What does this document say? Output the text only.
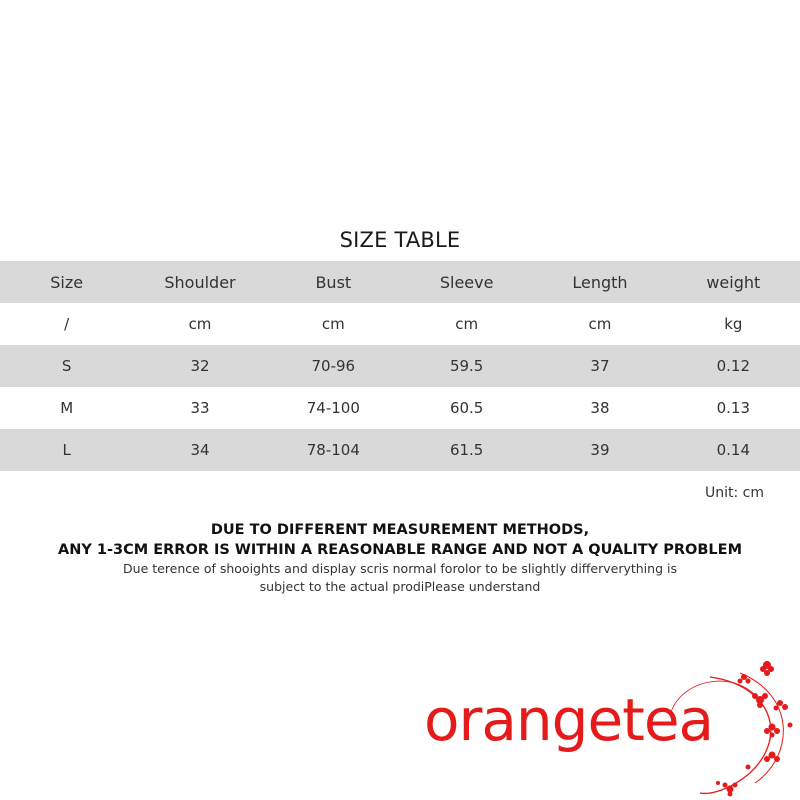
SIZE TABLE
Size	Shoulder	Bust	Sleeve	Length	weight
/	cm	cm	cm	cm	kg
S	32	70-96	59.5	37	0.12
M	33	74-100	60.5	38	0.13
L	34	78-104	61.5	39	0.14
Unit: cm
DUE TO DIFFERENT MEASUREMENT METHODS,
ANY 1-3CM ERROR IS WITHIN A REASONABLE RANGE AND NOT A QUALITY PROBLEM
Due terence of shooights and display scris normal forolor to be slightly differverything is
subject to the actual prodiPlease understand
orangetea
